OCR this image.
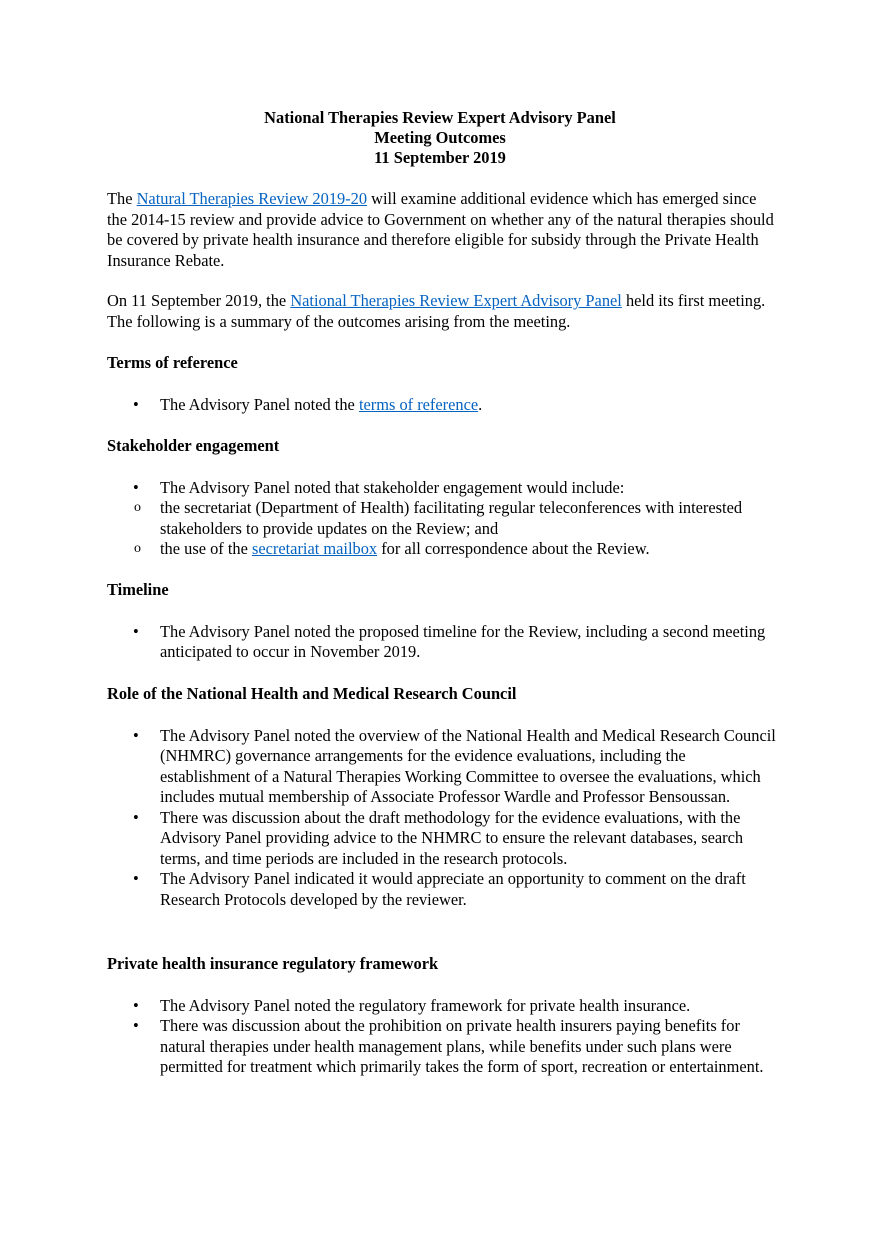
National Therapies Review Expert Advisory Panel
Meeting Outcomes
11 September 2019

The Natural Therapies Review 2019-20 will examine additional evidence which has emerged since the 2014-15 review and provide advice to Government on whether any of the natural therapies should be covered by private health insurance and therefore eligible for subsidy through the Private Health Insurance Rebate.

On 11 September 2019, the National Therapies Review Expert Advisory Panel held its first meeting. The following is a summary of the outcomes arising from the meeting.

Terms of reference

• The Advisory Panel noted the terms of reference.

Stakeholder engagement

• The Advisory Panel noted that stakeholder engagement would include:
o the secretariat (Department of Health) facilitating regular teleconferences with interested stakeholders to provide updates on the Review; and
o the use of the secretariat mailbox for all correspondence about the Review.

Timeline

• The Advisory Panel noted the proposed timeline for the Review, including a second meeting anticipated to occur in November 2019.

Role of the National Health and Medical Research Council

• The Advisory Panel noted the overview of the National Health and Medical Research Council (NHMRC) governance arrangements for the evidence evaluations, including the establishment of a Natural Therapies Working Committee to oversee the evaluations, which includes mutual membership of Associate Professor Wardle and Professor Bensoussan.
• There was discussion about the draft methodology for the evidence evaluations, with the Advisory Panel providing advice to the NHMRC to ensure the relevant databases, search terms, and time periods are included in the research protocols.
• The Advisory Panel indicated it would appreciate an opportunity to comment on the draft Research Protocols developed by the reviewer.

Private health insurance regulatory framework

• The Advisory Panel noted the regulatory framework for private health insurance.
• There was discussion about the prohibition on private health insurers paying benefits for natural therapies under health management plans, while benefits under such plans were permitted for treatment which primarily takes the form of sport, recreation or entertainment.
